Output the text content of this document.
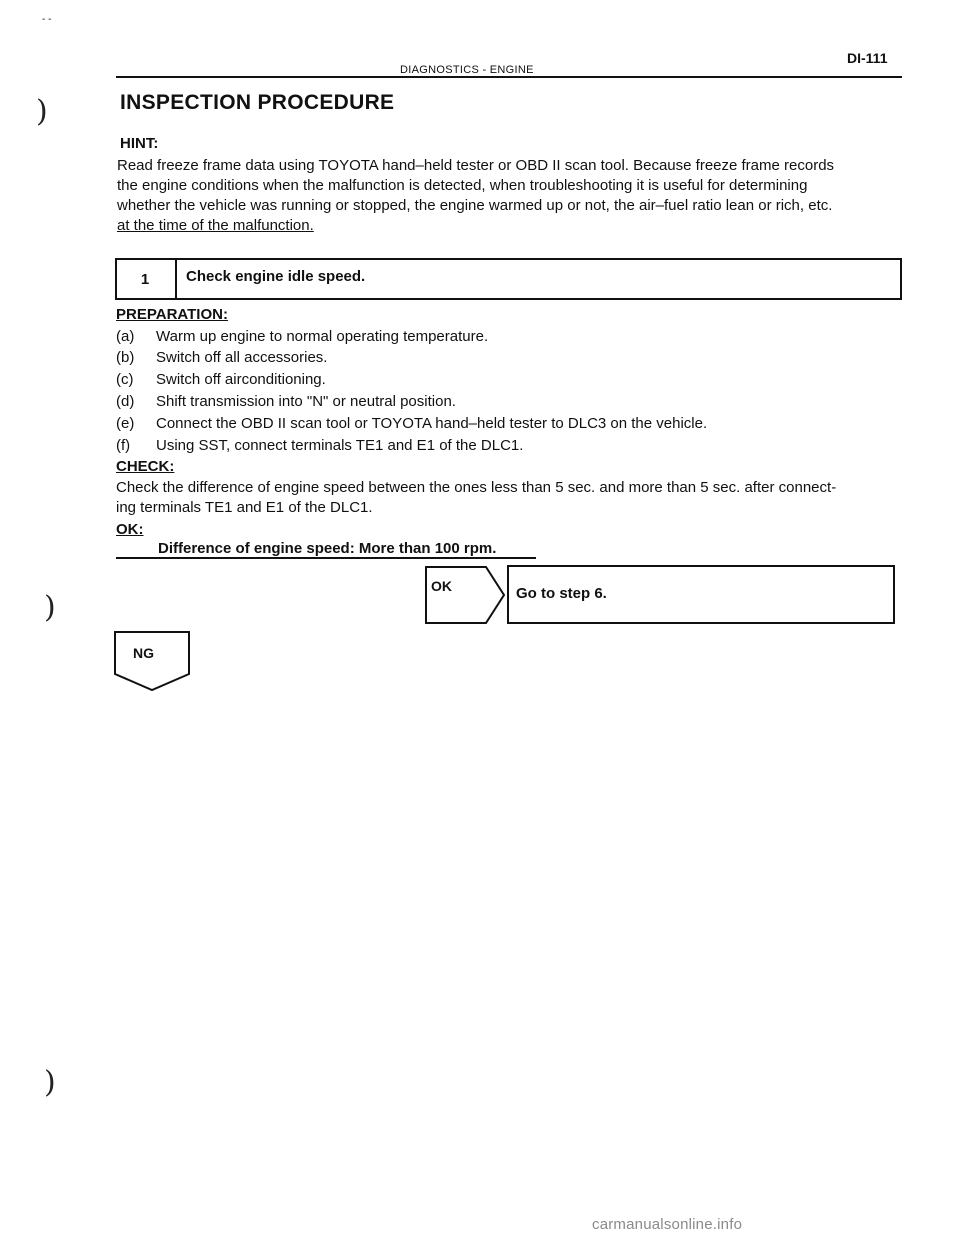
- -
)
)
)
DI-111
DIAGNOSTICS - ENGINE
INSPECTION PROCEDURE
HINT:
Read freeze frame data using TOYOTA hand–held tester or OBD II scan tool. Because freeze frame records
the engine conditions when the malfunction is detected, when troubleshooting it is useful for determining
whether the vehicle was running or stopped, the engine warmed up or not, the air–fuel ratio lean or rich, etc.
at the time of the malfunction.
1	Check engine idle speed.
PREPARATION:
(a) Warm up engine to normal operating temperature.
(b) Switch off all accessories.
(c) Switch off airconditioning.
(d) Shift transmission into "N" or neutral position.
(e) Connect the OBD II scan tool or TOYOTA hand–held tester to DLC3 on the vehicle.
(f) Using SST, connect terminals TE1 and E1 of the DLC1.
CHECK:
Check the difference of engine speed between the ones less than 5 sec. and more than 5 sec. after connect-
ing terminals TE1 and E1 of the DLC1.
OK:
Difference of engine speed: More than 100 rpm.
OK	Go to step 6.
NG
carmanualsonline.info
